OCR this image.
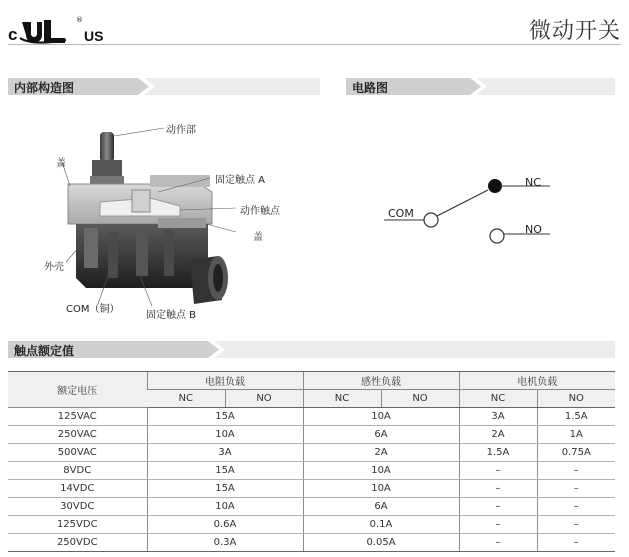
c
®
US	微动开关
内部构造图	电路图
动作部
盖
固定触点 A
动作触点
盖
外壳
COM（铜）
固定触点 B
COM
NC
NO
触点额定值
额定电压	电阻负载		感性负载		电机负载	
	NC	NO	NC	NO	NC	NO
125VAC	15A		10A		3A	1.5A
250VAC	10A		6A		2A	1A
500VAC	3A		2A		1.5A	0.75A
8VDC	15A		10A		–	–
14VDC	15A		10A		–	–
30VDC	10A		6A		–	–
125VDC	0.6A		0.1A		–	–
250VDC	0.3A		0.05A		–	–
